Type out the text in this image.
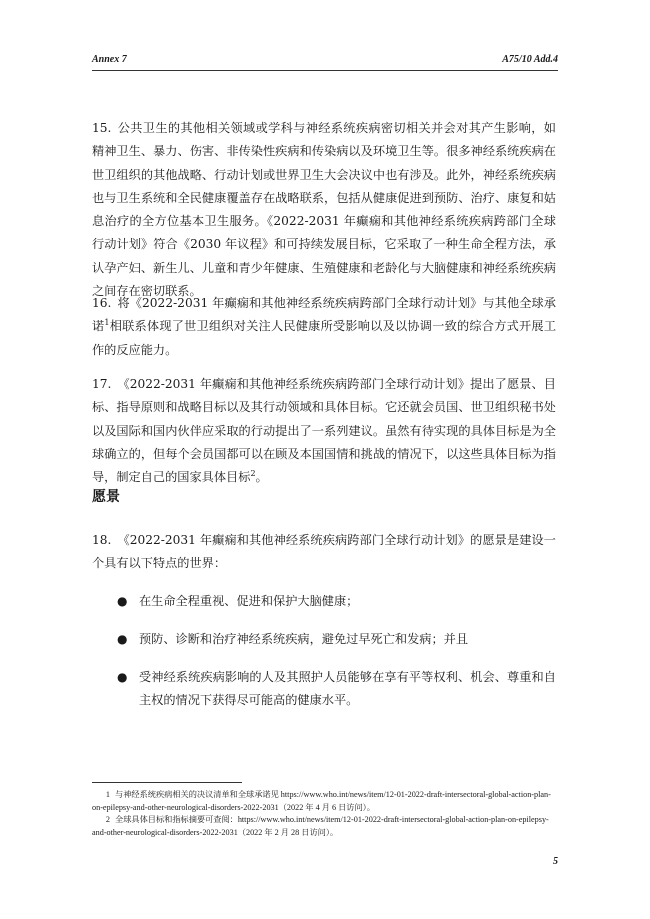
Annex 7	A75/10 Add.4

15. 公共卫生的其他相关领域或学科与神经系统疾病密切相关并会对其产生影响，如精神卫生、暴力、伤害、非传染性疾病和传染病以及环境卫生等。很多神经系统疾病在世卫组织的其他战略、行动计划或世界卫生大会决议中也有涉及。此外，神经系统疾病也与卫生系统和全民健康覆盖存在战略联系，包括从健康促进到预防、治疗、康复和姑息治疗的全方位基本卫生服务。《2022-2031 年癫痫和其他神经系统疾病跨部门全球行动计划》符合《2030 年议程》和可持续发展目标，它采取了一种生命全程方法，承认孕产妇、新生儿、儿童和青少年健康、生殖健康和老龄化与大脑健康和神经系统疾病之间存在密切联系。

16. 将《2022-2031 年癫痫和其他神经系统疾病跨部门全球行动计划》与其他全球承诺$^1$相联系体现了世卫组织对关注人民健康所受影响以及以协调一致的综合方式开展工作的反应能力。

17. 《2022-2031 年癫痫和其他神经系统疾病跨部门全球行动计划》提出了愿景、目标、指导原则和战略目标以及其行动领域和具体目标。它还就会员国、世卫组织秘书处以及国际和国内伙伴应采取的行动提出了一系列建议。虽然有待实现的具体目标是为全球确立的，但每个会员国都可以在顾及本国国情和挑战的情况下，以这些具体目标为指导，制定自己的国家具体目标$^2$。

愿景

18. 《2022-2031 年癫痫和其他神经系统疾病跨部门全球行动计划》的愿景是建设一个具有以下特点的世界：

● 在生命全程重视、促进和保护大脑健康；
● 预防、诊断和治疗神经系统疾病，避免过早死亡和发病；并且
● 受神经系统疾病影响的人及其照护人员能够在享有平等权利、机会、尊重和自主权的情况下获得尽可能高的健康水平。

1 与神经系统疾病相关的决议清单和全球承诺见 https://www.who.int/news/item/12-01-2022-draft-intersectoral-global-action-plan-on-epilepsy-and-other-neurological-disorders-2022-2031（2022 年 4 月 6 日访问）。

2 全球具体目标和指标摘要可查阅：https://www.who.int/news/item/12-01-2022-draft-intersectoral-global-action-plan-on-epilepsy-and-other-neurological-disorders-2022-2031（2022 年 2 月 28 日访问）。

5
